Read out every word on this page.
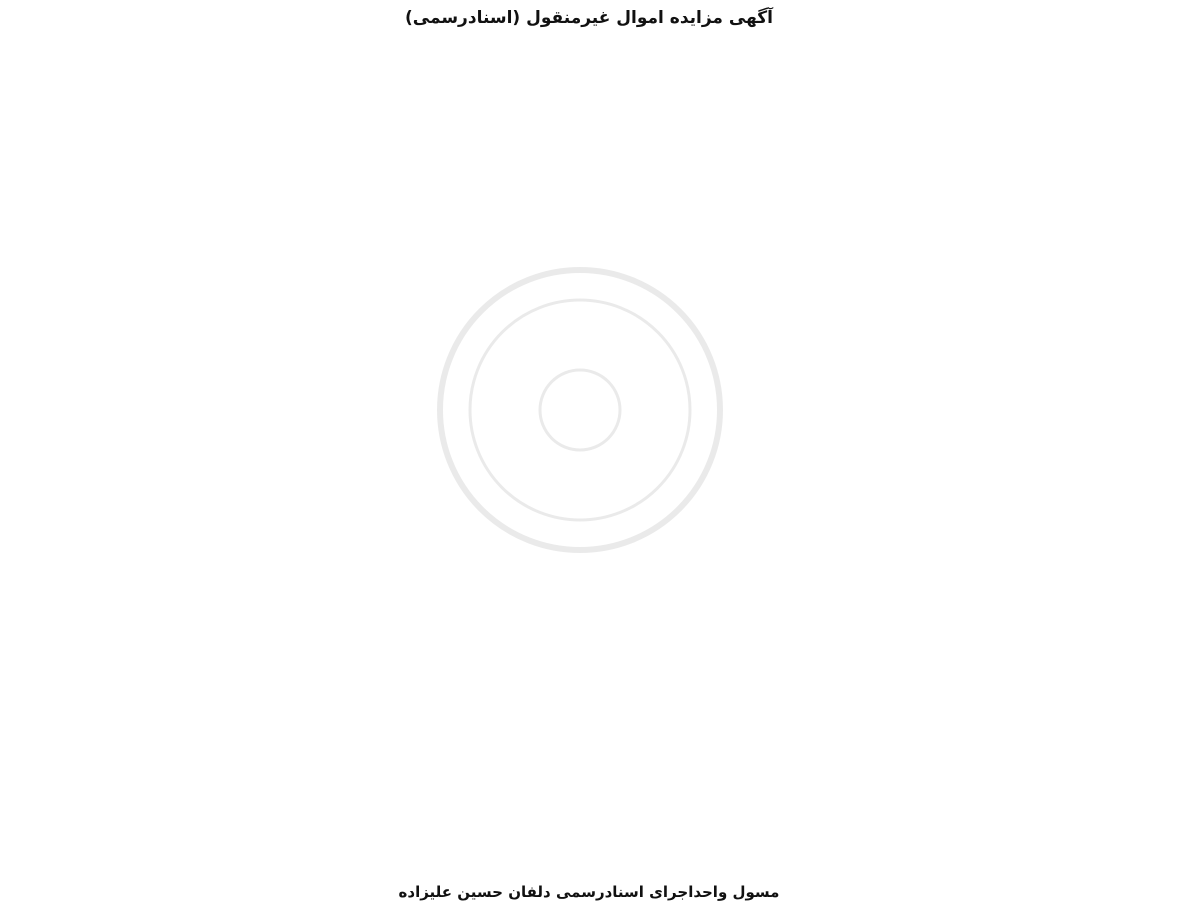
آگهی مزایده اموال غیرمنقول (اسنادرسمی)

مسول واحداجرای اسنادرسمی دلفان حسین علیزاده
